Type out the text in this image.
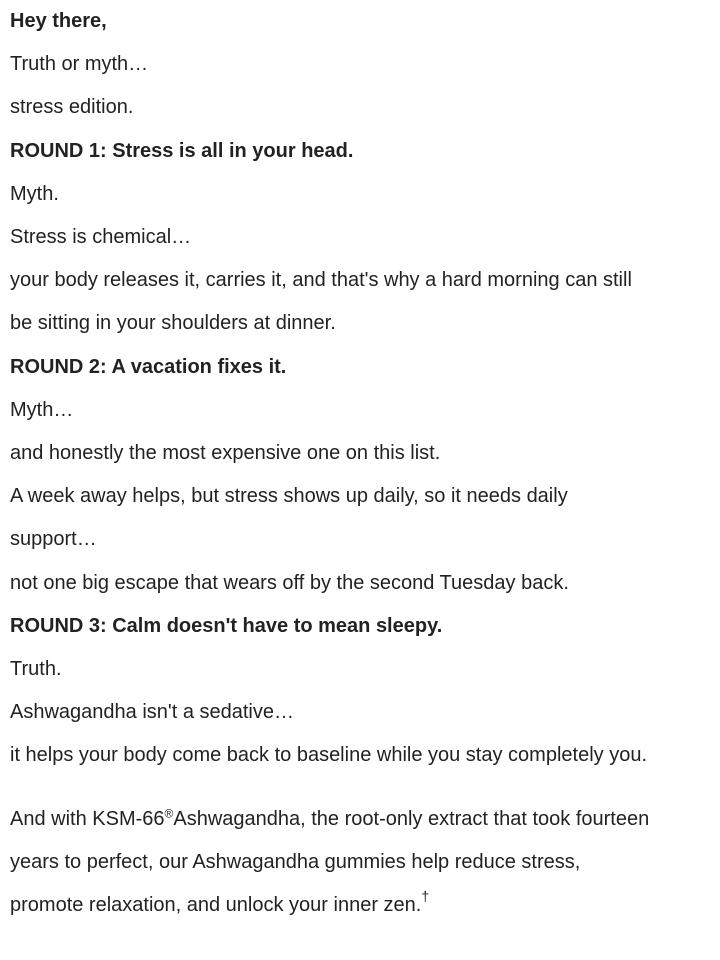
Hey there,

Truth or myth…

stress edition.

ROUND 1: Stress is all in your head.

Myth.

Stress is chemical…

your body releases it, carries it, and that's why a hard morning can still

be sitting in your shoulders at dinner.

ROUND 2: A vacation fixes it.

Myth…

and honestly the most expensive one on this list.

A week away helps, but stress shows up daily, so it needs daily

support…

not one big escape that wears off by the second Tuesday back.

ROUND 3: Calm doesn't have to mean sleepy.

Truth.

Ashwagandha isn't a sedative…

it helps your body come back to baseline while you stay completely you.

And with KSM-66®Ashwagandha, the root-only extract that took fourteen

years to perfect, our Ashwagandha gummies help reduce stress,

promote relaxation, and unlock your inner zen.†
